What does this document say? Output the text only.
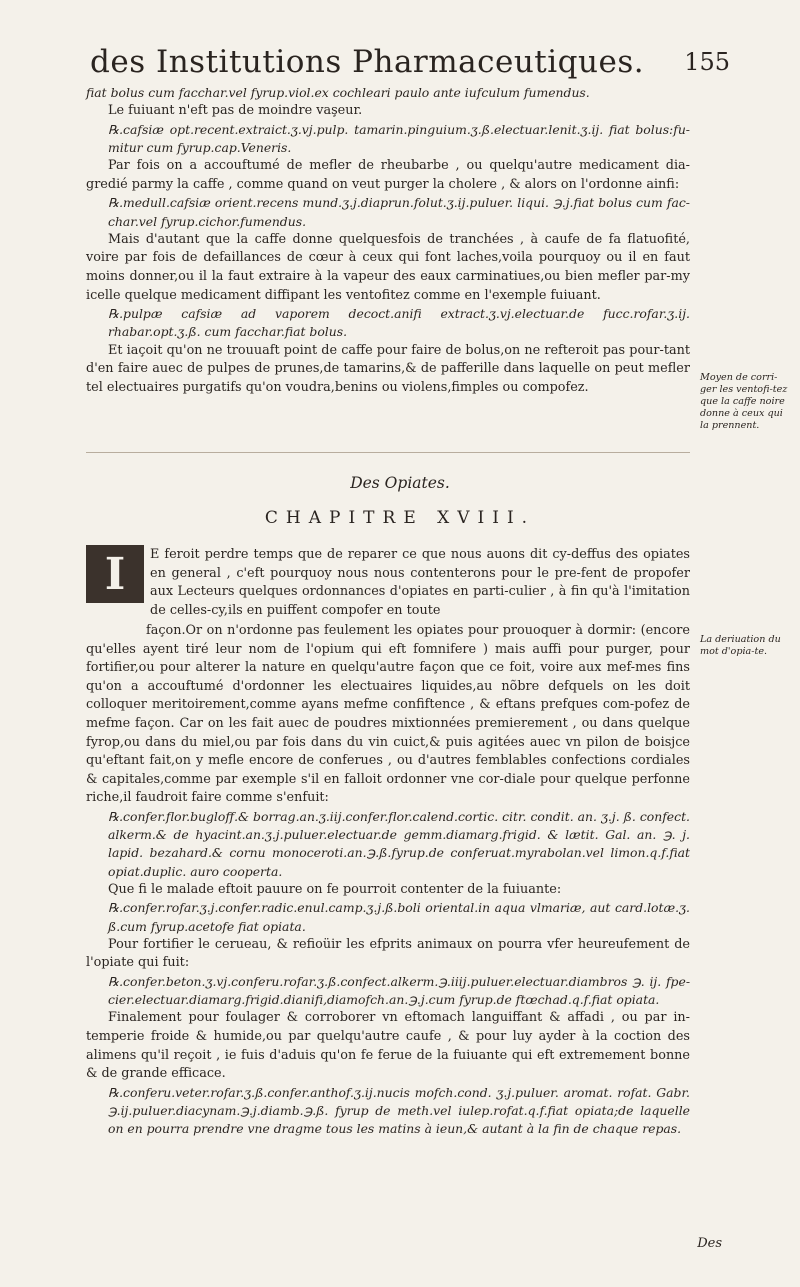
des Institutions Pharmaceutiques. 155

fiat bolus cum facchar.vel fyrup.viol.ex cochleari paulo ante iufculum fumendus.

Le fuiuant n'eft pas de moindre vaşeur.

℞.cafsiæ opt.recent.extraict.ʒ.vj.pulp. tamarin.pinguium.ʒ.ß.electuar.lenit.ʒ.ij. fiat bolus:fu-mitur cum fyrup.cap.Veneris.

Par fois on a accouftumé de mefler de rheubarbe , ou quelqu'autre medicament dia-gredié parmy la caffe , comme quand on veut purger la cholere , & alors on l'ordonne ainfi:

℞.medull.cafsiæ orient.recens mund.ʒ.j.diaprun.folut.ʒ.ij.puluer. liqui. ℈.j.fiat bolus cum fac-char.vel fyrup.cichor.fumendus.

Mais d'autant que la caffe donne quelquesfois de tranchées , à caufe de fa flatuofité, voire par fois de defaillances de cœur à ceux qui font laches,voila pourquoy ou il en faut moins donner,ou il la faut extraire à la vapeur des eaux carminatiues,ou bien mefler par-my icelle quelque medicament diffipant les ventofitez comme en l'exemple fuiuant.

℞.pulpæ cafsiæ ad vaporem decoct.anifi extract.ʒ.vj.electuar.de fucc.rofar.ʒ.ij. rhabar.opt.ʒ.ß. cum facchar.fiat bolus.

Et iaçoit qu'on ne trouuaft point de caffe pour faire de bolus,on ne refteroit pas pour-tant d'en faire auec de pulpes de prunes,de tamarins,& de pafferille dans laquelle on peut mefler tel electuaires purgatifs qu'on voudra,benins ou violens,fimples ou compofez.

Moyen de corri-ger les ventofi-tez que la caffe noire donne à ceux qui la prennent.
La deriuation du mot d'opia-te.
Des Opiates.
CHAPITRE XVIII.
I	E feroit perdre temps que de reparer ce que nous auons dit cy-deffus des opiates en general , c'eft pourquoy nous nous contenterons pour le pre-fent de propofer aux Lecteurs quelques ordonnances d'opiates en parti-culier , à fin qu'à l'imitation de celles-cy,ils en puiffent compofer en toute

façon.Or on n'ordonne pas feulement les opiates pour prouoquer à dormir: (encore qu'elles ayent tiré leur nom de l'opium qui eft fomnifere ) mais auffi pour purger, pour fortifier,ou pour alterer la nature en quelqu'autre façon que ce foit, voire aux mef-mes fins qu'on a accouftumé d'ordonner les electuaires liquides,au nõbre defquels on les doit colloquer meritoirement,comme ayans mefme confiftence , & eftans prefques com-pofez de mefme façon. Car on les fait auec de poudres mixtionnées premierement , ou dans quelque fyrop,ou dans du miel,ou par fois dans du vin cuict,& puis agitées auec vn pilon de boisjce qu'eftant fait,on y mefle encore de conferues , ou d'autres femblables confections cordiales & capitales,comme par exemple s'il en falloit ordonner vne cor-diale pour quelque perfonne riche,il faudroit faire comme s'enfuit:

℞.confer.flor.bugloff.& borrag.an.ʒ.iij.confer.flor.calend.cortic. citr. condit. an. ʒ.j. ß. confect. alkerm.& de hyacint.an.ʒ.j.puluer.electuar.de gemm.diamarg.frigid. & lætit. Gal. an. ℈. j. lapid. bezahard.& cornu monoceroti.an.℈.ß.fyrup.de conferuat.myrabolan.vel limon.q.f.fiat opiat.duplic. auro cooperta.

Que fi le malade eftoit pauure on fe pourroit contenter de la fuiuante:

℞.confer.rofar.ʒ.j.confer.radic.enul.camp.ʒ.j.ß.boli oriental.in aqua vlmariæ, aut card.lotæ.ʒ. ß.cum fyrup.acetofe fiat opiata.

Pour fortifier le cerueau, & refioüir les efprits animaux on pourra vfer heureufement de l'opiate qui fuit:

℞.confer.beton.ʒ.vj.conferu.rofar.ʒ.ß.confect.alkerm.℈.iiij.puluer.electuar.diambros ℈. ij. fpe-cier.electuar.diamarg.frigid.dianifi,diamofch.an.℈.j.cum fyrup.de ftœchad.q.f.fiat opiata.

Finalement pour foulager & corroborer vn eftomach languiffant & affadi , ou par in-temperie froide & humide,ou par quelqu'autre caufe , & pour luy ayder à la coction des alimens qu'il reçoit , ie fuis d'aduis qu'on fe ferue de la fuiuante qui eft extremement bonne & de grande efficace.

℞.conferu.veter.rofar.ʒ.ß.confer.anthof.ʒ.ij.nucis mofch.cond. ʒ.j.puluer. aromat. rofat. Gabr. ℈.ij.puluer.diacynam.℈.j.diamb.℈.ß. fyrup de meth.vel iulep.rofat.q.f.fiat opiata;de laquelle on en pourra prendre vne dragme tous les matins à ieun,& autant à la fin de chaque repas.

Des
